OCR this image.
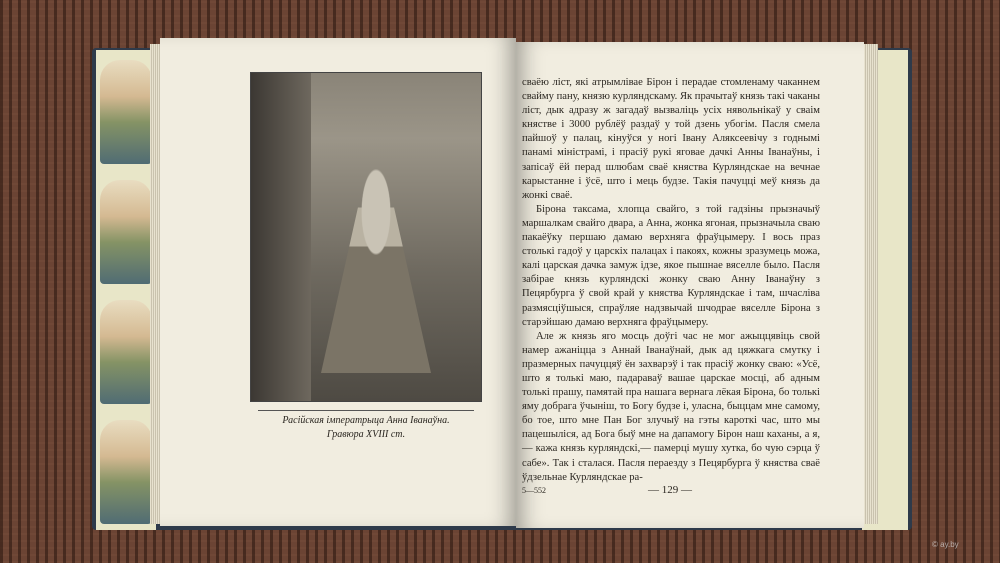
Расійская імператрыца Анна Іванаўна.
Гравюра XVIII ст.

сваёю ліст, які атрымлівае Бірон і перадае стомленаму чаканнем свайму пану, князю курляндскаму. Як прачытаў князь такі чаканы ліст, дык адразу ж загадаў вызваліць усіх нявольнікаў у сваім княстве і 3000 рублёў раздаў у той дзень убогім. Пасля смела пайшоў у палац, кінуўся у ногі Івану Аляксеевічу з годнымі панамі міністрамі, і прасіў рукі яговае дачкі Анны Іванаўны, і запісаў ёй перад шлюбам сваё княства Курляндскае на вечнае карыстанне і ўсё, што і мець будзе. Такія пачуцці меў князь да жонкі сваё.

Бірона таксама, хлопца свайго, з той гадзіны прызначыў маршалкам свайго двара, а Анна, жонка ягоная, прызначыла сваю пакаёўку першаю дамаю верхняга фраўцымеру. І вось праз столькі гадоў у царскіх палацах і пакоях, кожны зразумець можа, калі царская дачка замуж ідзе, якое пышнае вяселле было. Пасля забірае князь курляндскі жонку сваю Анну Іванаўну з Пецярбурга ў свой край у княства Курляндскае і там, шчасліва размясціўшыся, спраўляе надзвычай шчодрае вяселле Бірона з старэйшаю дамаю верхняга фраўцымеру.

Але ж князь яго мосць доўгі час не мог ажыццявіць свой намер ажаніцца з Аннай Іванаўнай, дык ад цяжкага смутку і празмерных пачуццяў ён захварэў і так прасіў жонку сваю: «Усё, што я толькі маю, падараваў вашае царскае мосці, аб адным толькі прашу, памятай пра нашага вернага лёкая Бірона, бо толькі яму добрага ўчыніш, то Богу будзе і, уласна, быццам мне самому, бо тое, што мне Пан Бог злучыў на гэты кароткі час, што мы пацешыліся, ад Бога быў мне на дапамогу Бірон наш каханы, а я,— кажа князь курляндскі,— памерці мушу хутка, бо чую сэрца ў сабе». Так і сталася. Пасля пераезду з Пецярбурга ў княства сваё ўдзельнае Курляндскае ра-

5—552	— 129 —
© ay.by
